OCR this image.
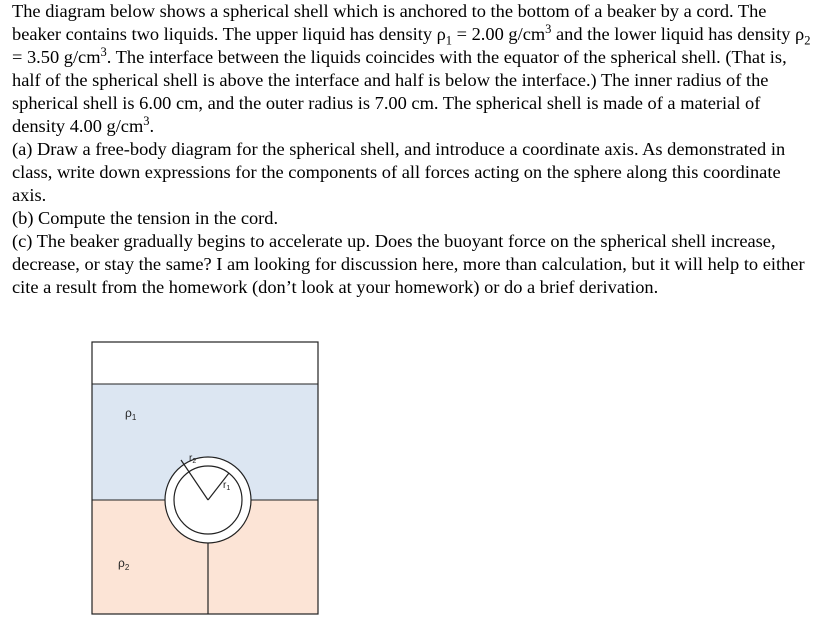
The diagram below shows a spherical shell which is anchored to the bottom of a beaker by a cord. The beaker contains two liquids. The upper liquid has density $\rho_1 = 2.00$ $g/cm^3$ and the lower liquid has density $\rho_2 = 3.50$ $g/cm^3$. The interface between the liquids coincides with the equator of the spherical shell. (That is, half of the spherical shell is above the interface and half is below the interface.) The inner radius of the spherical shell is 6.00 cm, and the outer radius is 7.00 cm. The spherical shell is made of a material of density 4.00 $g/cm^3$.

(a) Draw a free-body diagram for the spherical shell, and introduce a coordinate axis. As demonstrated in class, write down expressions for the components of all forces acting on the sphere along this coordinate axis.

(b) Compute the tension in the cord.

(c) The beaker gradually begins to accelerate up. Does the buoyant force on the spherical shell increase, decrease, or stay the same? I am looking for discussion here, more than calculation, but it will help to either cite a result from the homework (don’t look at your homework) or do a brief derivation.

$\rho_1$
$\rho_2$
$r_2$
$r_1$
